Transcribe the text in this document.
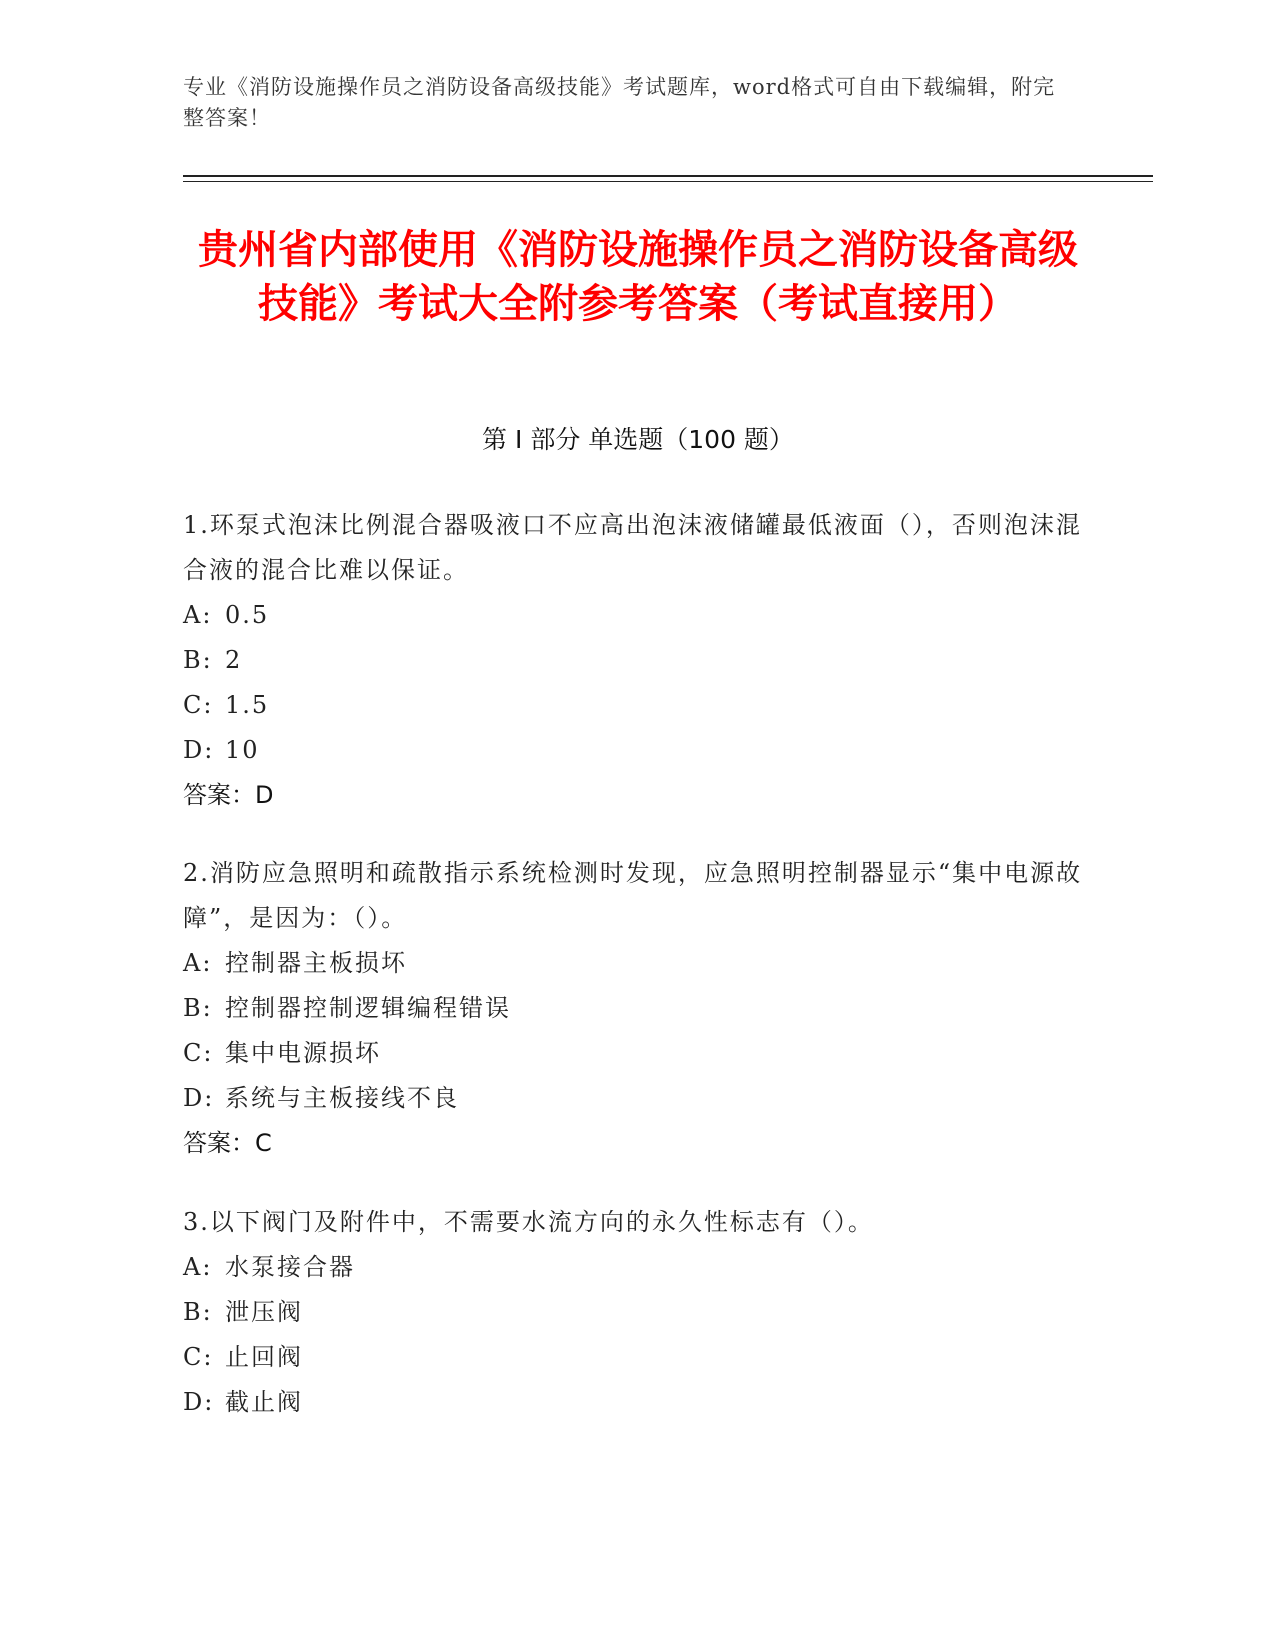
专业《消防设施操作员之消防设备高级技能》考试题库，word格式可自由下载编辑，附完整答案！
贵州省内部使用《消防设施操作员之消防设备高级技能》考试大全附参考答案（考试直接用）
第 I 部分 单选题（100 题）

1.环泵式泡沫比例混合器吸液口不应高出泡沫液储罐最低液面（），否则泡沫混合液的混合比难以保证。

A: 0.5

B: 2

C: 1.5

D: 10

答案：D

2.消防应急照明和疏散指示系统检测时发现，应急照明控制器显示“集中电源故障”，是因为：（）。

A: 控制器主板损坏

B: 控制器控制逻辑编程错误

C: 集中电源损坏

D: 系统与主板接线不良

答案：C

3.以下阀门及附件中，不需要水流方向的永久性标志有（）。

A: 水泵接合器

B: 泄压阀

C: 止回阀

D: 截止阀
